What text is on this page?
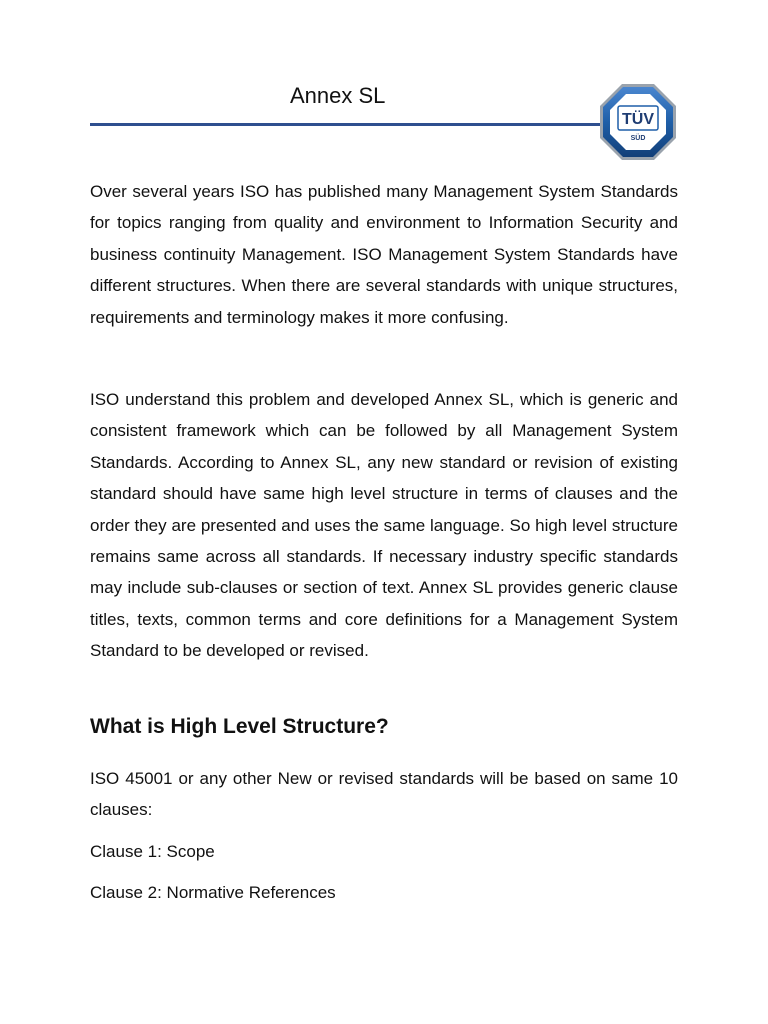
Annex SL
TÜV
SÜD

Over several years ISO has published many Management System Standards for topics ranging from quality and environment to Information Security and business continuity Management. ISO Management System Standards have different structures. When there are several standards with unique structures, requirements and terminology makes it more confusing.

ISO understand this problem and developed Annex SL, which is generic and consistent framework which can be followed by all Management System Standards. According to Annex SL, any new standard or revision of existing standard should have same high level structure in terms of clauses and the order they are presented and uses the same language. So high level structure remains same across all standards. If necessary industry specific standards may include sub-clauses or section of text. Annex SL provides generic clause titles, texts, common terms and core definitions for a Management System Standard to be developed or revised.

What is High Level Structure?

ISO 45001 or any other New or revised standards will be based on same 10 clauses:

Clause 1: Scope

Clause 2: Normative References
